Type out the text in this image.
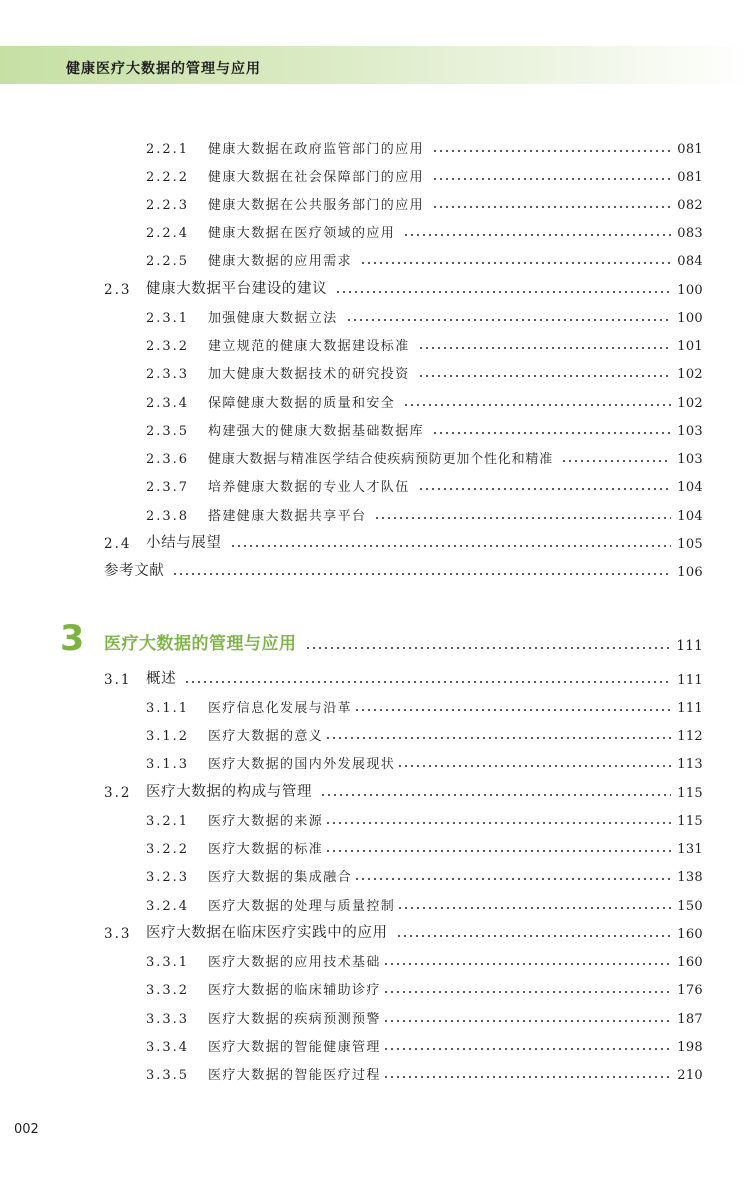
健康医疗大数据的管理与应用
2.2.1	健康大数据在政府监管部门的应用	081
2.2.2	健康大数据在社会保障部门的应用	081
2.2.3	健康大数据在公共服务部门的应用	082
2.2.4	健康大数据在医疗领域的应用	083
2.2.5	健康大数据的应用需求	084
2.3	健康大数据平台建设的建议	100
2.3.1	加强健康大数据立法	100
2.3.2	建立规范的健康大数据建设标准	101
2.3.3	加大健康大数据技术的研究投资	102
2.3.4	保障健康大数据的质量和安全	102
2.3.5	构建强大的健康大数据基础数据库	103
2.3.6	健康大数据与精准医学结合使疾病预防更加个性化和精准	103
2.3.7	培养健康大数据的专业人才队伍	104
2.3.8	搭建健康大数据共享平台	104
2.4	小结与展望	105
参考文献	106
3	医疗大数据的管理与应用	111
3.1	概述	111
3.1.1	医疗信息化发展与沿革	111
3.1.2	医疗大数据的意义	112
3.1.3	医疗大数据的国内外发展现状	113
3.2	医疗大数据的构成与管理	115
3.2.1	医疗大数据的来源	115
3.2.2	医疗大数据的标准	131
3.2.3	医疗大数据的集成融合	138
3.2.4	医疗大数据的处理与质量控制	150
3.3	医疗大数据在临床医疗实践中的应用	160
3.3.1	医疗大数据的应用技术基础	160
3.3.2	医疗大数据的临床辅助诊疗	176
3.3.3	医疗大数据的疾病预测预警	187
3.3.4	医疗大数据的智能健康管理	198
3.3.5	医疗大数据的智能医疗过程	210
002
